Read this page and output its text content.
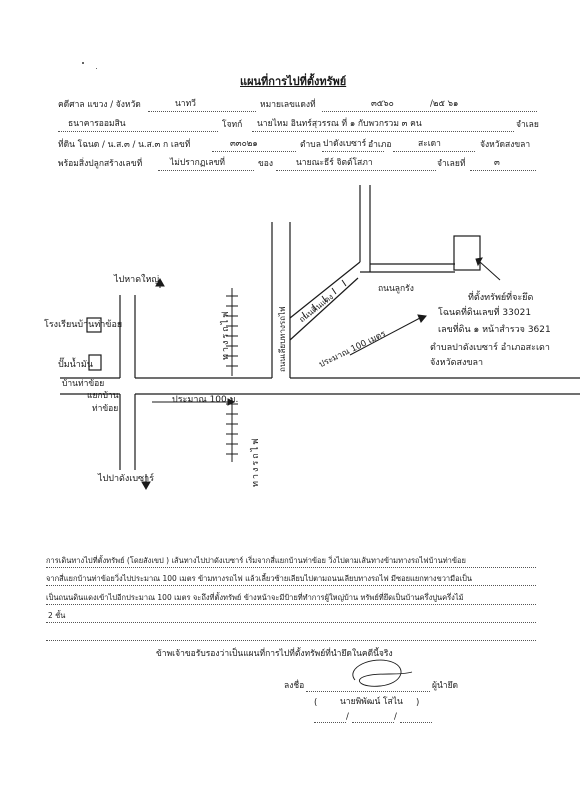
แผนที่การไปที่ตั้งทรัพย์
คดีศาล แขวง / จังหวัด	นาทวี	หมายเลขแดงที่	๓๕๖๐	/๒๕ ๖๑
ธนาคารออมสิน	โจทก์ นายไหม อินทร์สุวรรณ ที่ ๑ กับพวกรวม ๓ คน	จำเลย
ที่ดิน โฉนด / น.ส.๓ / น.ส.๓ ก เลขที่	๓๓๐๒๑	ตำบล ปาดังเบซาร์ อำเภอ	สะเดา	จังหวัดสงขลา
พร้อมสิ่งปลูกสร้างเลขที่	ไม่ปรากฏเลขที่	ของ	นายณะธีร์ จิตต์โสภา	จำเลยที่	๓
ไปหาดใหญ่
โรงเรียนบ้านท่าข้อย
ปั๊มน้ำมัน
บ้านท่าข้อย
แยกบ้าน
ท่าข้อย
ประมาณ 100 ม.
ไปปาดังเบซาร์
ทางรถไฟ
ทางรถไฟ
ถนนเลียบทางรถไฟ ถนนดินแดง
ถนนลูกรัง
ประมาณ 100 เมตร
ที่ตั้งทรัพย์ที่จะยึด
โฉนดที่ดินเลขที่ 33021
เลขที่ดิน ๑ หน้าสำรวจ 3621
ตำบลปาดังเบซาร์ อำเภอสะเดา
จังหวัดสงขลา
การเดินทางไปที่ตั้งทรัพย์ (โดยสังเขป ) เส้นทางไปปาดังเบซาร์ เริ่มจากสี่แยกบ้านท่าข้อย วิ่งไปตามเส้นทางข้ามทางรถไฟบ้านท่าข้อย
จากสี่แยกบ้านท่าข้อยวิ่งไปประมาณ 100 เมตร ข้ามทางรถไฟ แล้วเลี้ยวซ้ายเลียบไปตามถนนเลียบทางรถไฟ มีซอยแยกทางขวามือเป็น
เป็นถนนดินแดงเข้าไปอีกประมาณ 100 เมตร จะถึงที่ตั้งทรัพย์ ข้างหน้าจะมีป้ายที่ทำการผู้ใหญ่บ้าน ทรัพย์ที่ยึดเป็นบ้านครึ่งปูนครึ่งไม้
2 ชั้น
ข้าพเจ้าขอรับรองว่าเป็นแผนที่การไปที่ตั้งทรัพย์ที่นำยึดในคดีนี้จริง
ลงชื่อ	ผู้นำยึด
(	นายพิพัฒน์ โสไน )
/	/
